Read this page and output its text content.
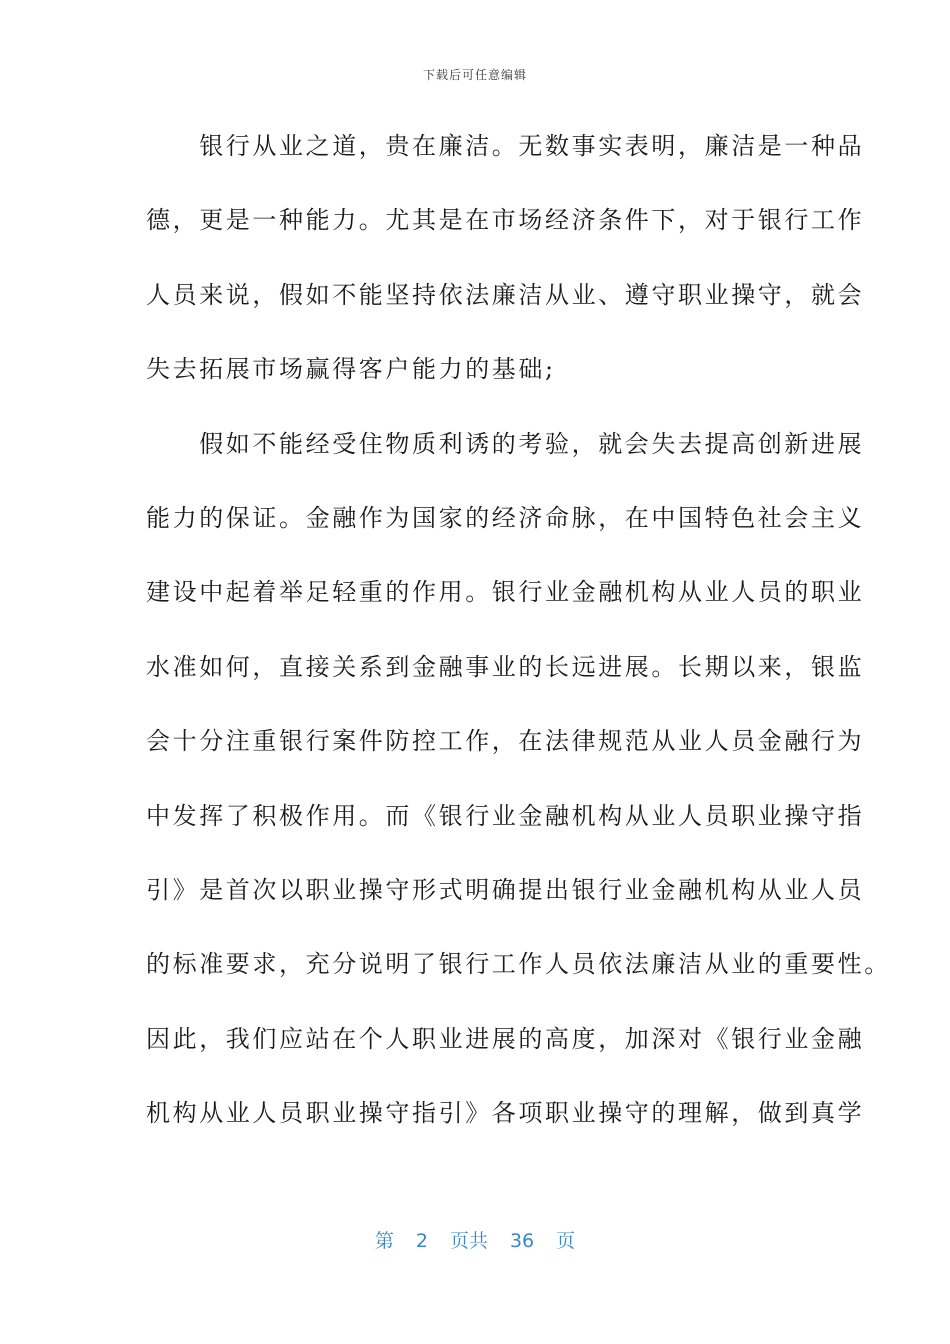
下载后可任意编辑
　　银行从业之道，贵在廉洁。无数事实表明，廉洁是一种品
德，更是一种能力。尤其是在市场经济条件下，对于银行工作
人员来说，假如不能坚持依法廉洁从业、遵守职业操守，就会
失去拓展市场赢得客户能力的基础;
　　假如不能经受住物质利诱的考验，就会失去提高创新进展
能力的保证。金融作为国家的经济命脉，在中国特色社会主义
建设中起着举足轻重的作用。银行业金融机构从业人员的职业
水准如何，直接关系到金融事业的长远进展。长期以来，银监
会十分注重银行案件防控工作，在法律规范从业人员金融行为
中发挥了积极作用。而《银行业金融机构从业人员职业操守指
引》是首次以职业操守形式明确提出银行业金融机构从业人员
的标准要求，充分说明了银行工作人员依法廉洁从业的重要性。
因此，我们应站在个人职业进展的高度，加深对《银行业金融
机构从业人员职业操守指引》各项职业操守的理解，做到真学
第 2 页共 36 页
